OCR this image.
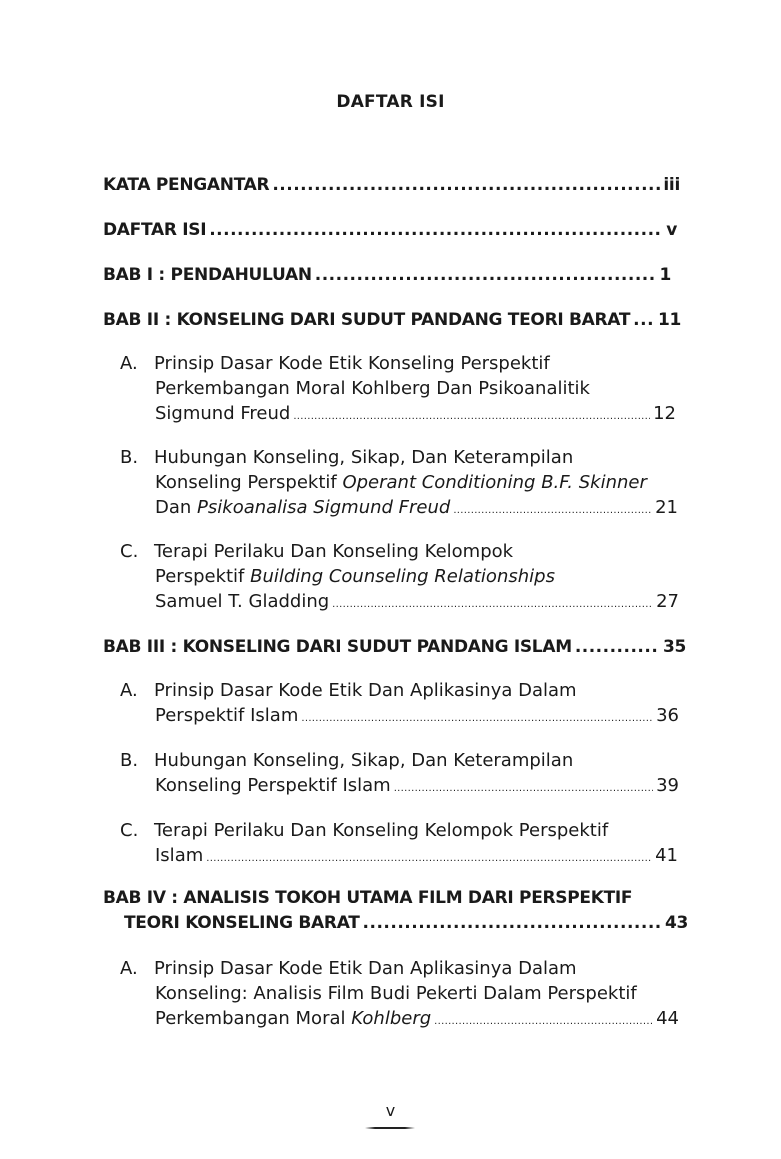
DAFTAR ISI
KATA PENGANTAR .....	iii
DAFTAR ISI .....	v
BAB I : PENDAHULUAN .....	1
BAB II : KONSELING DARI SUDUT PANDANG TEORI BARAT ..... 11
A. Prinsip Dasar Kode Etik Konseling Perspektif
Perkembangan Moral Kohlberg Dan Psikoanalitik
Sigmund Freud .....	12
B. Hubungan Konseling, Sikap, Dan Keterampilan
Konseling Perspektif Operant Conditioning B.F. Skinner
Dan Psikoanalisa Sigmund Freud .....	21
C. Terapi Perilaku Dan Konseling Kelompok
Perspektif Building Counseling Relationships
Samuel T. Gladding .....	27
BAB III : KONSELING DARI SUDUT PANDANG ISLAM .....	35
A. Prinsip Dasar Kode Etik Dan Aplikasinya Dalam
Perspektif Islam .....	36
B. Hubungan Konseling, Sikap, Dan Keterampilan
Konseling Perspektif Islam .....	39
C. Terapi Perilaku Dan Konseling Kelompok Perspektif
Islam .....	41
BAB IV : ANALISIS TOKOH UTAMA FILM DARI PERSPEKTIF
TEORI KONSELING BARAT .....	43
A. Prinsip Dasar Kode Etik Dan Aplikasinya Dalam
Konseling: Analisis Film Budi Pekerti Dalam Perspektif
Perkembangan Moral Kohlberg .....	44
v
